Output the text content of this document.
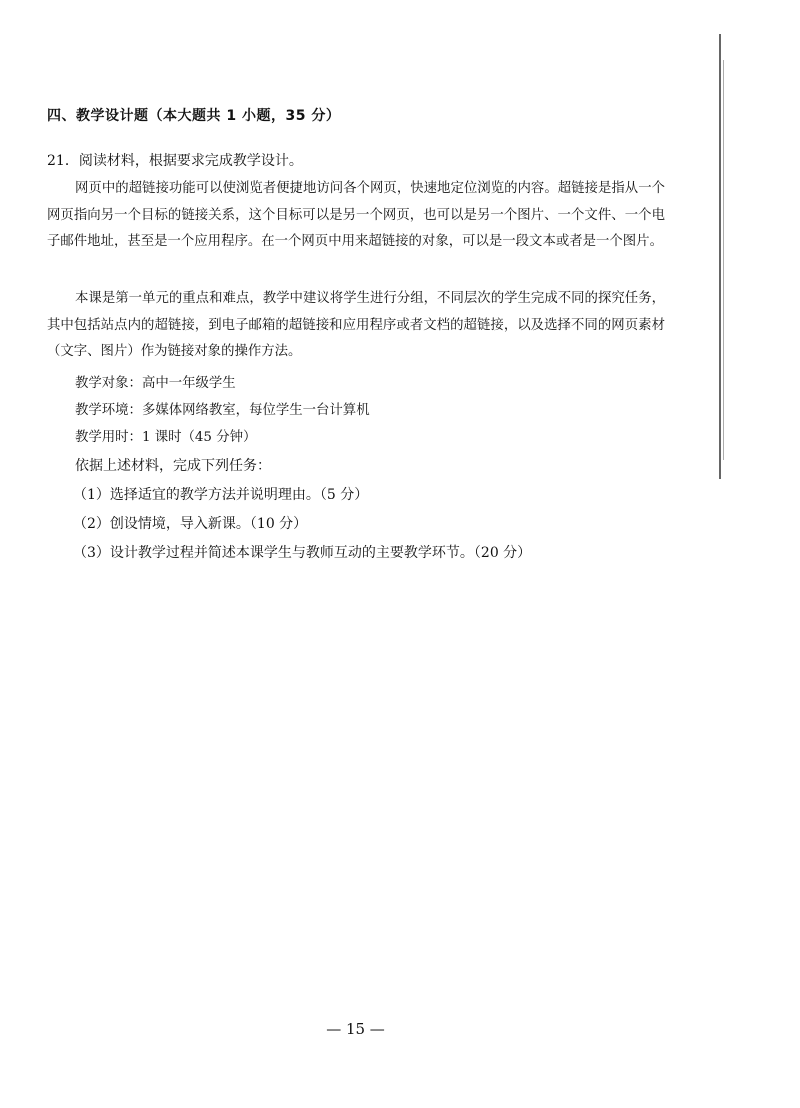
四、教学设计题（本大题共 1 小题，35 分）
21．阅读材料，根据要求完成教学设计。

网页中的超链接功能可以使浏览者便捷地访问各个网页，快速地定位浏览的内容。超链接是指从一个网页指向另一个目标的链接关系，这个目标可以是另一个网页，也可以是另一个图片、一个文件、一个电子邮件地址，甚至是一个应用程序。在一个网页中用来超链接的对象，可以是一段文本或者是一个图片。

本课是第一单元的重点和难点，教学中建议将学生进行分组，不同层次的学生完成不同的探究任务，其中包括站点内的超链接，到电子邮箱的超链接和应用程序或者文档的超链接，以及选择不同的网页素材（文字、图片）作为链接对象的操作方法。

教学对象：高中一年级学生
教学环境：多媒体网络教室，每位学生一台计算机
教学用时：1 课时（45 分钟）
依据上述材料，完成下列任务：
（1）选择适宜的教学方法并说明理由。（5 分）
（2）创设情境，导入新课。（10 分）
（3）设计教学过程并简述本课学生与教师互动的主要教学环节。（20 分）
— 15 —
